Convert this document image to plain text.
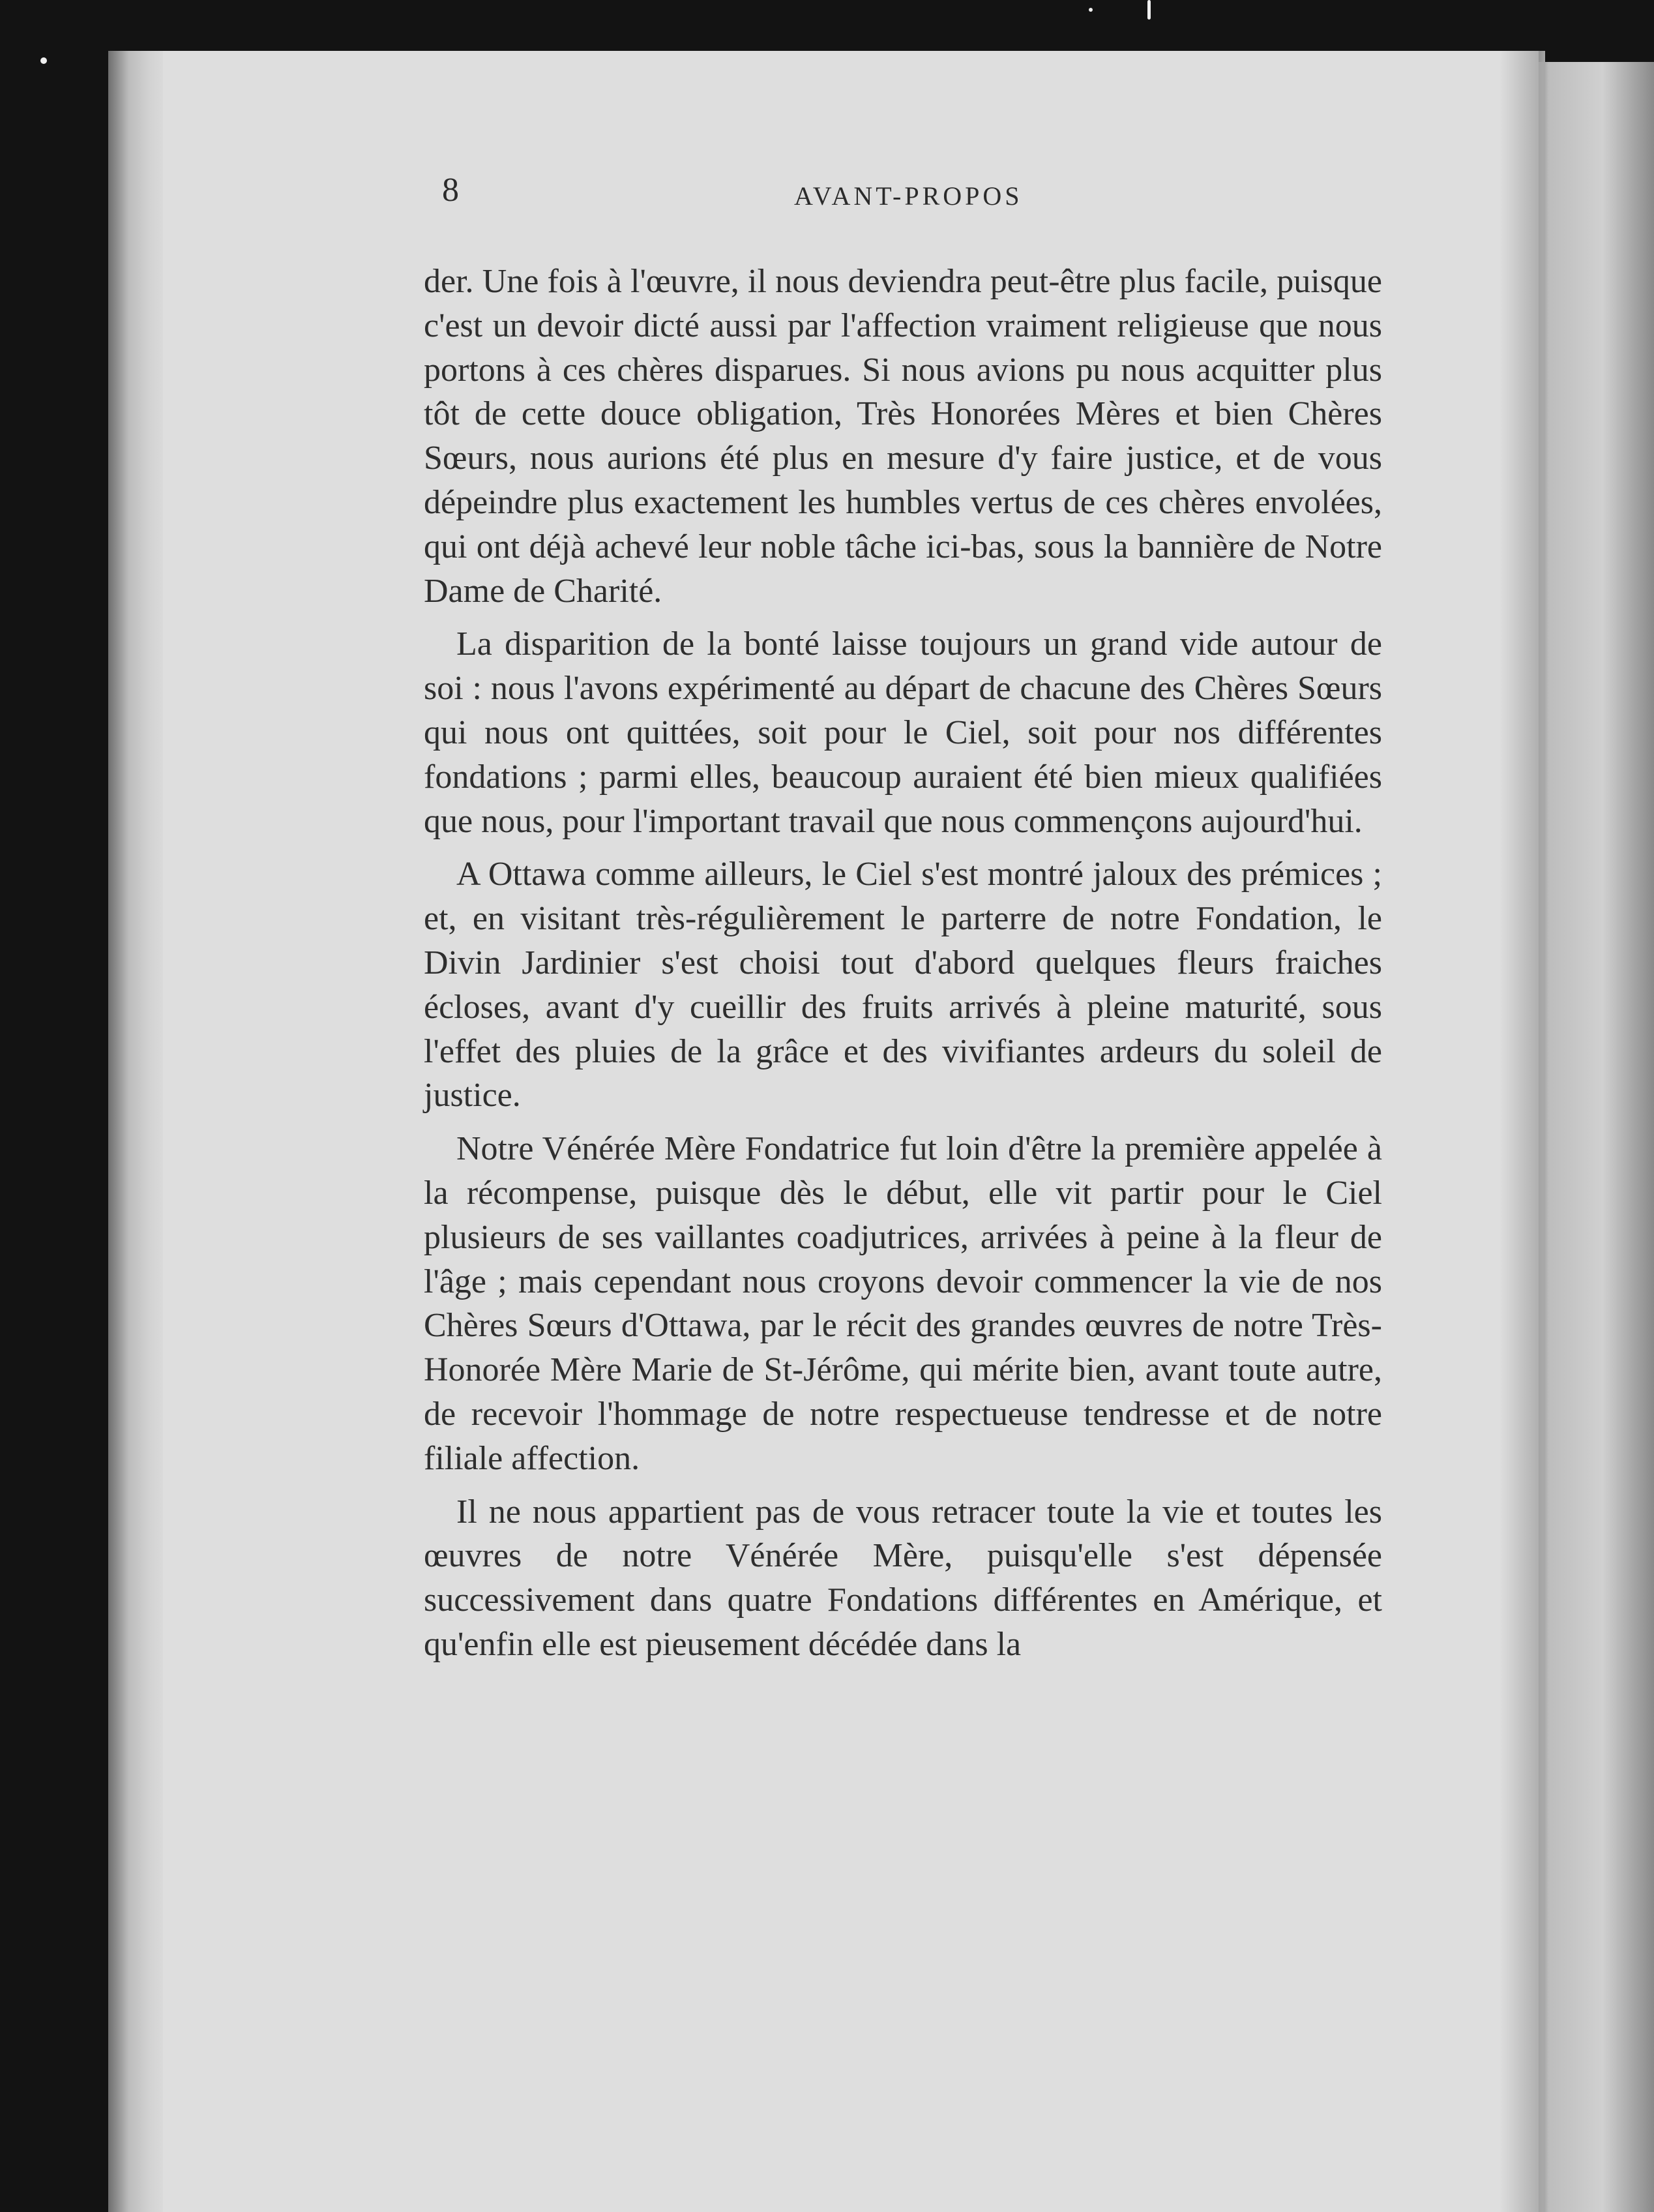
8	AVANT-PROPOS

der. Une fois à l'œuvre, il nous deviendra peut-être plus facile, puisque c'est un devoir dicté aussi par l'affection vraiment religieuse que nous portons à ces chères disparues. Si nous avions pu nous acquitter plus tôt de cette douce obligation, Très Honorées Mères et bien Chères Sœurs, nous aurions été plus en mesure d'y faire justice, et de vous dépeindre plus exactement les humbles vertus de ces chères envolées, qui ont déjà achevé leur noble tâche ici-bas, sous la bannière de Notre Dame de Charité.

La disparition de la bonté laisse toujours un grand vide autour de soi : nous l'avons expérimenté au départ de chacune des Chères Sœurs qui nous ont quittées, soit pour le Ciel, soit pour nos différentes fondations ; parmi elles, beaucoup auraient été bien mieux qualifiées que nous, pour l'important travail que nous commençons aujourd'hui.

A Ottawa comme ailleurs, le Ciel s'est montré jaloux des prémices ; et, en visitant très-régulièrement le parterre de notre Fondation, le Divin Jardinier s'est choisi tout d'abord quelques fleurs fraiches écloses, avant d'y cueillir des fruits arrivés à pleine maturité, sous l'effet des pluies de la grâce et des vivifiantes ardeurs du soleil de justice.

Notre Vénérée Mère Fondatrice fut loin d'être la première appelée à la récompense, puisque dès le début, elle vit partir pour le Ciel plusieurs de ses vaillantes coadjutrices, arrivées à peine à la fleur de l'âge ; mais cependant nous croyons devoir commencer la vie de nos Chères Sœurs d'Ottawa, par le récit des grandes œuvres de notre Très-Honorée Mère Marie de St-Jérôme, qui mérite bien, avant toute autre, de recevoir l'hommage de notre respectueuse tendresse et de notre filiale affection.

Il ne nous appartient pas de vous retracer toute la vie et toutes les œuvres de notre Vénérée Mère, puisqu'elle s'est dépensée successivement dans quatre Fondations différentes en Amérique, et qu'enfin elle est pieusement décédée dans la
